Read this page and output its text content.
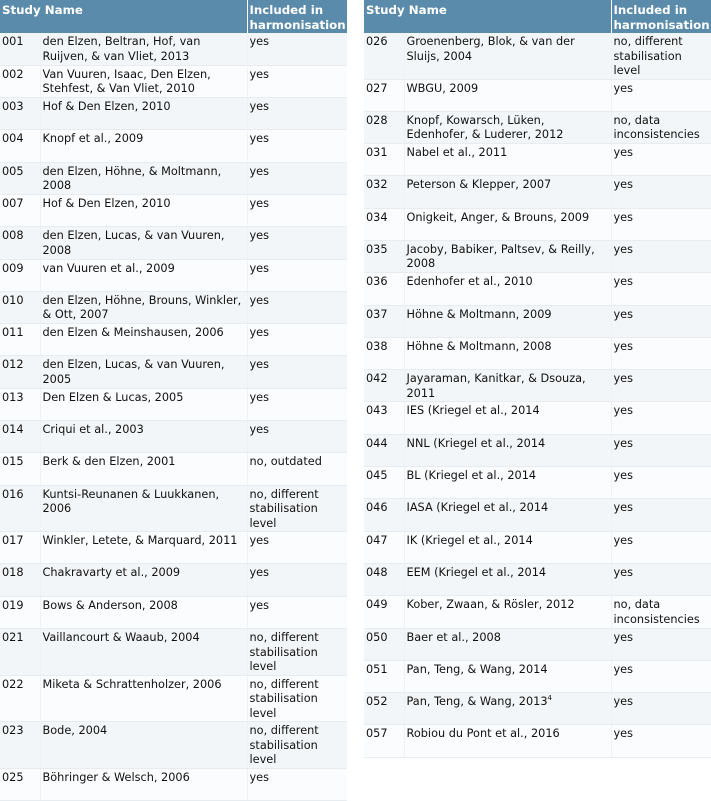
Study Name		Included in harmonisation
001	den Elzen, Beltran, Hof, van Ruijven, & van Vliet, 2013	yes
002	Van Vuuren, Isaac, Den Elzen, Stehfest, & Van Vliet, 2010	yes
003	Hof & Den Elzen, 2010	yes
004	Knopf et al., 2009	yes
005	den Elzen, Höhne, & Moltmann, 2008	yes
007	Hof & Den Elzen, 2010	yes
008	den Elzen, Lucas, & van Vuuren, 2008	yes
009	van Vuuren et al., 2009	yes
010	den Elzen, Höhne, Brouns, Winkler, & Ott, 2007	yes
011	den Elzen & Meinshausen, 2006	yes
012	den Elzen, Lucas, & van Vuuren, 2005	yes
013	Den Elzen & Lucas, 2005	yes
014	Criqui et al., 2003	yes
015	Berk & den Elzen, 2001	no, outdated
016	Kuntsi-Reunanen & Luukkanen, 2006	no, different stabilisation level
017	Winkler, Letete, & Marquard, 2011	yes
018	Chakravarty et al., 2009	yes
019	Bows & Anderson, 2008	yes
021	Vaillancourt & Waaub, 2004	no, different stabilisation level
022	Miketa & Schrattenholzer, 2006	no, different stabilisation level
023	Bode, 2004	no, different stabilisation level
025	Böhringer & Welsch, 2006	yes
Study Name		Included in harmonisation
026	Groenenberg, Blok, & van der Sluijs, 2004	no, different stabilisation level
027	WBGU, 2009	yes
028	Knopf, Kowarsch, Lüken, Edenhofer, & Luderer, 2012	no, data inconsistencies
031	Nabel et al., 2011	yes
032	Peterson & Klepper, 2007	yes
034	Onigkeit, Anger, & Brouns, 2009	yes
035	Jacoby, Babiker, Paltsev, & Reilly, 2008	yes
036	Edenhofer et al., 2010	yes
037	Höhne & Moltmann, 2009	yes
038	Höhne & Moltmann, 2008	yes
042	Jayaraman, Kanitkar, & Dsouza, 2011	yes
043	IES (Kriegel et al., 2014	yes
044	NNL (Kriegel et al., 2014	yes
045	BL (Kriegel et al., 2014	yes
046	IASA (Kriegel et al., 2014	yes
047	IK (Kriegel et al., 2014	yes
048	EEM (Kriegel et al., 2014	yes
049	Kober, Zwaan, & Rösler, 2012	no, data inconsistencies
050	Baer et al., 2008	yes
051	Pan, Teng, & Wang, 2014	yes
052	Pan, Teng, & Wang, 2013$^4$	yes
057	Robiou du Pont et al., 2016	yes
